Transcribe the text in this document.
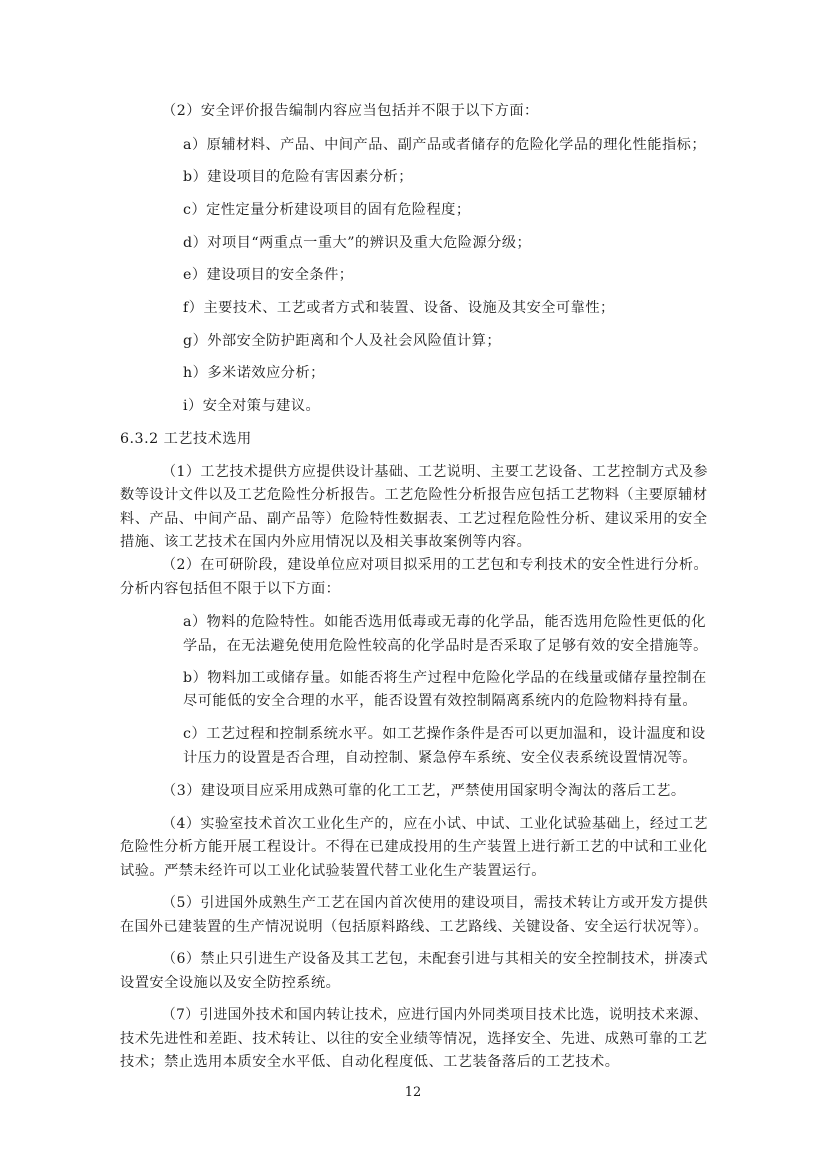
（2）安全评价报告编制内容应当包括并不限于以下方面：
a）原辅材料、产品、中间产品、副产品或者储存的危险化学品的理化性能指标；
b）建设项目的危险有害因素分析；
c）定性定量分析建设项目的固有危险程度；
d）对项目“两重点一重大”的辨识及重大危险源分级；
e）建设项目的安全条件；
f）主要技术、工艺或者方式和装置、设备、设施及其安全可靠性；
g）外部安全防护距离和个人及社会风险值计算；
h）多米诺效应分析；
i）安全对策与建议。
6.3.2 工艺技术选用
（1）工艺技术提供方应提供设计基础、工艺说明、主要工艺设备、工艺控制方式及参
数等设计文件以及工艺危险性分析报告。工艺危险性分析报告应包括工艺物料（主要原辅材
料、产品、中间产品、副产品等）危险特性数据表、工艺过程危险性分析、建议采用的安全
措施、该工艺技术在国内外应用情况以及相关事故案例等内容。
（2）在可研阶段，建设单位应对项目拟采用的工艺包和专利技术的安全性进行分析。
分析内容包括但不限于以下方面：
a）物料的危险特性。如能否选用低毒或无毒的化学品，能否选用危险性更低的化
学品，在无法避免使用危险性较高的化学品时是否采取了足够有效的安全措施等。
b）物料加工或储存量。如能否将生产过程中危险化学品的在线量或储存量控制在
尽可能低的安全合理的水平，能否设置有效控制隔离系统内的危险物料持有量。
c）工艺过程和控制系统水平。如工艺操作条件是否可以更加温和，设计温度和设
计压力的设置是否合理，自动控制、紧急停车系统、安全仪表系统设置情况等。
（3）建设项目应采用成熟可靠的化工工艺，严禁使用国家明令淘汰的落后工艺。
（4）实验室技术首次工业化生产的，应在小试、中试、工业化试验基础上，经过工艺
危险性分析方能开展工程设计。不得在已建成投用的生产装置上进行新工艺的中试和工业化
试验。严禁未经许可以工业化试验装置代替工业化生产装置运行。
（5）引进国外成熟生产工艺在国内首次使用的建设项目，需技术转让方或开发方提供
在国外已建装置的生产情况说明（包括原料路线、工艺路线、关键设备、安全运行状况等）。
（6）禁止只引进生产设备及其工艺包，未配套引进与其相关的安全控制技术，拼凑式
设置安全设施以及安全防控系统。
（7）引进国外技术和国内转让技术，应进行国内外同类项目技术比选，说明技术来源、
技术先进性和差距、技术转让、以往的安全业绩等情况，选择安全、先进、成熟可靠的工艺
技术；禁止选用本质安全水平低、自动化程度低、工艺装备落后的工艺技术。
12
